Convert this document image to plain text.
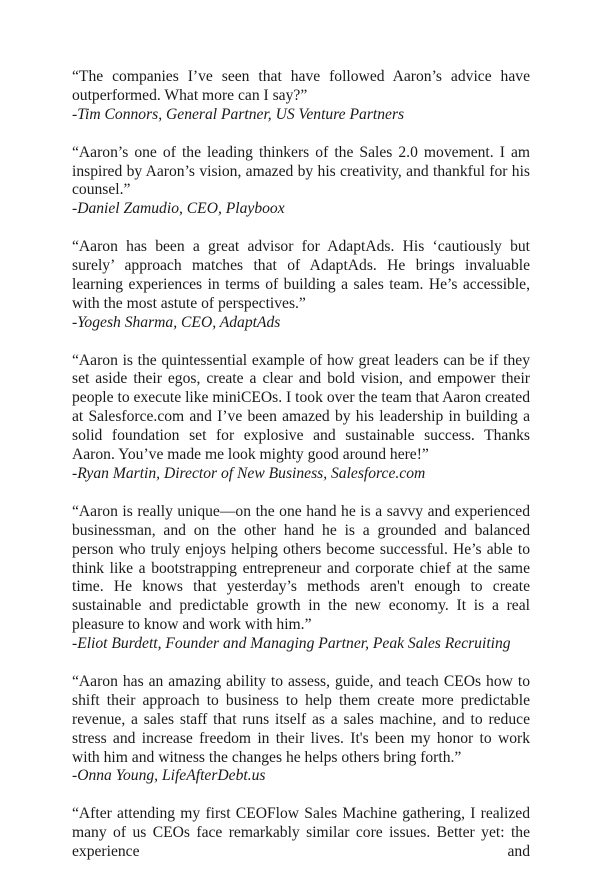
“The companies I’ve seen that have followed Aaron’s advice have outperformed. What more can I say?”

-Tim Connors, General Partner, US Venture Partners

“Aaron’s one of the leading thinkers of the Sales 2.0 movement. I am inspired by Aaron’s vision, amazed by his creativity, and thankful for his counsel.”

-Daniel Zamudio, CEO, Playboox

“Aaron has been a great advisor for AdaptAds. His ‘cautiously but surely’ approach matches that of AdaptAds. He brings invaluable learning experiences in terms of building a sales team. He’s accessible, with the most astute of perspectives.”

-Yogesh Sharma, CEO, AdaptAds

“Aaron is the quintessential example of how great leaders can be if they set aside their egos, create a clear and bold vision, and empower their people to execute like miniCEOs. I took over the team that Aaron created at Salesforce.com and I’ve been amazed by his leadership in building a solid foundation set for explosive and sustainable success. Thanks Aaron. You’ve made me look mighty good around here!”

-Ryan Martin, Director of New Business, Salesforce.com

“Aaron is really unique—on the one hand he is a savvy and experienced businessman, and on the other hand he is a grounded and balanced person who truly enjoys helping others become successful. He’s able to think like a bootstrapping entrepreneur and corporate chief at the same time. He knows that yesterday’s methods aren't enough to create sustainable and predictable growth in the new economy. It is a real pleasure to know and work with him.”

-Eliot Burdett, Founder and Managing Partner, Peak Sales Recruiting

“Aaron has an amazing ability to assess, guide, and teach CEOs how to shift their approach to business to help them create more predictable revenue, a sales staff that runs itself as a sales machine, and to reduce stress and increase freedom in their lives. It's been my honor to work with him and witness the changes he helps others bring forth.”

-Onna Young, LifeAfterDebt.us

“After attending my first CEOFlow Sales Machine gathering, I realized many of us CEOs face remarkably similar core issues. Better yet: the experience and
